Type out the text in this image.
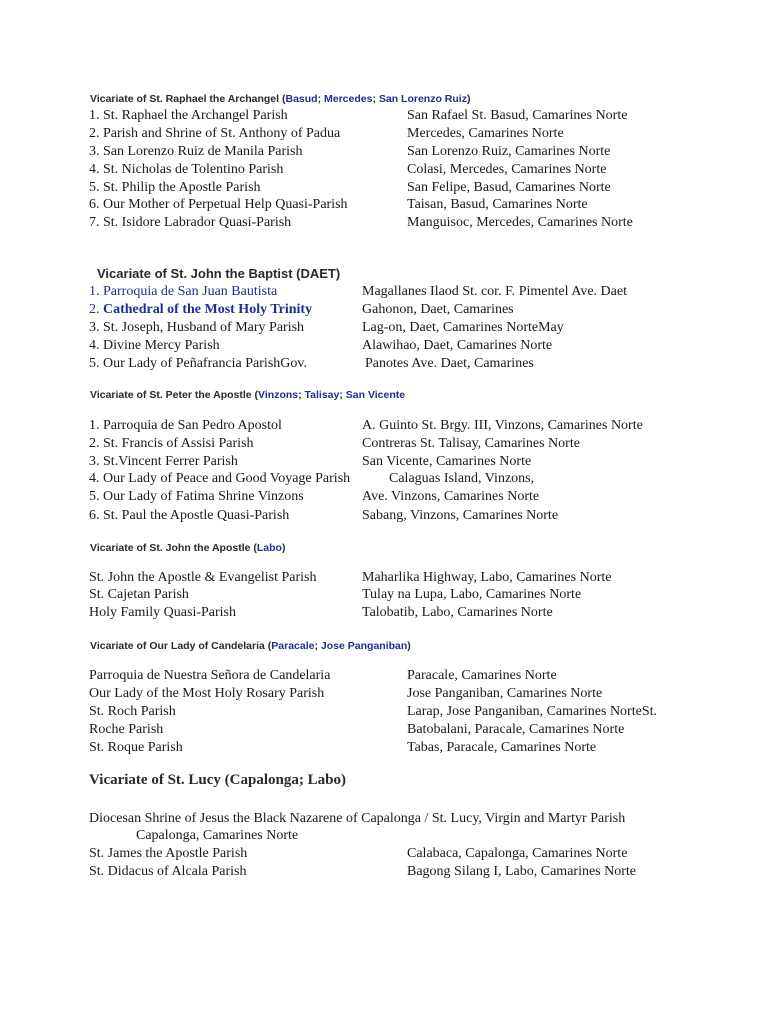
Vicariate of St. Raphael the Archangel (Basud; Mercedes; San Lorenzo Ruiz)
1. St. Raphael the Archangel Parish	San Rafael St. Basud, Camarines Norte
2. Parish and Shrine of St. Anthony of Padua	Mercedes, Camarines Norte
3. San Lorenzo Ruiz de Manila Parish	San Lorenzo Ruiz, Camarines Norte
4. St. Nicholas de Tolentino Parish	Colasi, Mercedes, Camarines Norte
5. St. Philip the Apostle Parish	San Felipe, Basud, Camarines Norte
6. Our Mother of Perpetual Help Quasi-Parish	Taisan, Basud, Camarines Norte
7. St. Isidore Labrador Quasi-Parish	Manguisoc, Mercedes, Camarines Norte
Vicariate of St. John the Baptist (DAET)
1. Parroquia de San Juan Bautista	Magallanes Ilaod St. cor. F. Pimentel Ave. Daet
2. Cathedral of the Most Holy Trinity	Gahonon, Daet, Camarines
3. St. Joseph, Husband of Mary Parish	Lag-on, Daet, Camarines NorteMay
4. Divine Mercy Parish	Alawihao, Daet, Camarines Norte
5. Our Lady of Peñafrancia ParishGov.	Panotes Ave. Daet, Camarines
Vicariate of St. Peter the Apostle (Vinzons; Talisay; San Vicente
1. Parroquia de San Pedro Apostol	A. Guinto St. Brgy. III, Vinzons, Camarines Norte
2. St. Francis of Assisi Parish	Contreras St. Talisay, Camarines Norte
3. St.Vincent Ferrer Parish	San Vicente, Camarines Norte
4. Our Lady of Peace and Good Voyage Parish	Calaguas Island, Vinzons,
5. Our Lady of Fatima Shrine Vinzons	Ave. Vinzons, Camarines Norte
6. St. Paul the Apostle Quasi-Parish	Sabang, Vinzons, Camarines Norte
Vicariate of St. John the Apostle (Labo)
St. John the Apostle & Evangelist Parish	Maharlika Highway, Labo, Camarines Norte
St. Cajetan Parish	Tulay na Lupa, Labo, Camarines Norte
Holy Family Quasi-Parish	Talobatib, Labo, Camarines Norte
Vicariate of Our Lady of Candelaria (Paracale; Jose Panganiban)
Parroquia de Nuestra Señora de Candelaria	Paracale, Camarines Norte
Our Lady of the Most Holy Rosary Parish	Jose Panganiban, Camarines Norte
St. Roch Parish	Larap, Jose Panganiban, Camarines NorteSt.
Roche Parish	Batobalani, Paracale, Camarines Norte
St. Roque Parish	Tabas, Paracale, Camarines Norte
Vicariate of St. Lucy (Capalonga; Labo)
Diocesan Shrine of Jesus the Black Nazarene of Capalonga / St. Lucy, Virgin and Martyr Parish
Capalonga, Camarines Norte
St. James the Apostle Parish	Calabaca, Capalonga, Camarines Norte
St. Didacus of Alcala Parish	Bagong Silang I, Labo, Camarines Norte
